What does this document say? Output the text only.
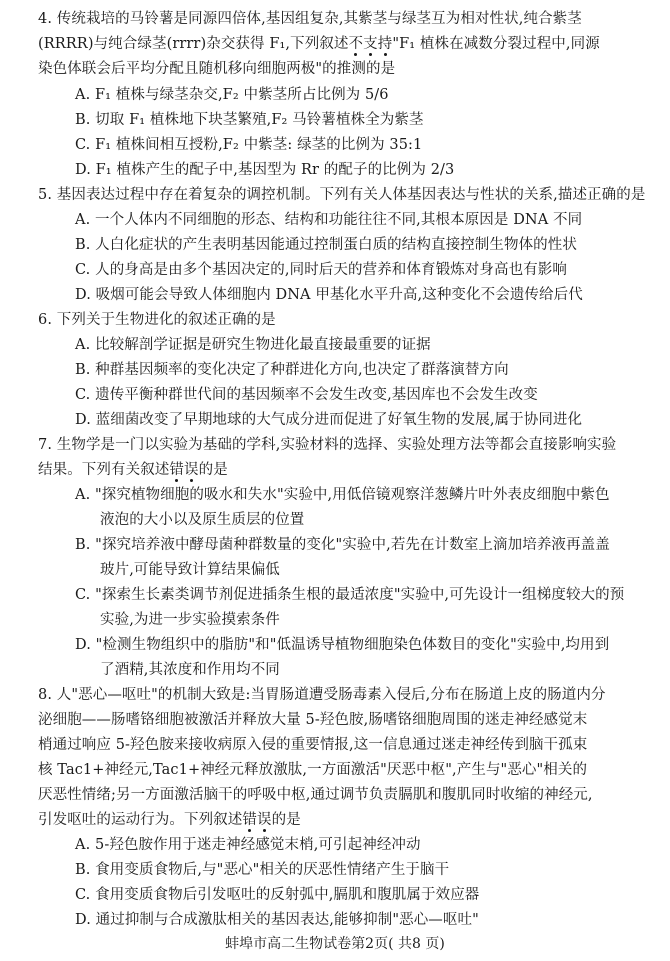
4. 传统栽培的马铃薯是同源四倍体,基因组复杂,其紫茎与绿茎互为相对性状,纯合紫茎
(RRRR)与纯合绿茎(rrrr)杂交获得 F₁,下列叙述不支持"F₁ 植株在减数分裂过程中,同源
染色体联会后平均分配且随机移向细胞两极"的推测的是
A. F₁ 植株与绿茎杂交,F₂ 中紫茎所占比例为 5/6
B. 切取 F₁ 植株地下块茎繁殖,F₂ 马铃薯植株全为紫茎
C. F₁ 植株间相互授粉,F₂ 中紫茎: 绿茎的比例为 35:1
D. F₁ 植株产生的配子中,基因型为 Rr 的配子的比例为 2/3
5. 基因表达过程中存在着复杂的调控机制。下列有关人体基因表达与性状的关系,描述正确的是
A. 一个人体内不同细胞的形态、结构和功能往往不同,其根本原因是 DNA 不同
B. 人白化症状的产生表明基因能通过控制蛋白质的结构直接控制生物体的性状
C. 人的身高是由多个基因决定的,同时后天的营养和体育锻炼对身高也有影响
D. 吸烟可能会导致人体细胞内 DNA 甲基化水平升高,这种变化不会遗传给后代
6. 下列关于生物进化的叙述正确的是
A. 比较解剖学证据是研究生物进化最直接最重要的证据
B. 种群基因频率的变化决定了种群进化方向,也决定了群落演替方向
C. 遗传平衡种群世代间的基因频率不会发生改变,基因库也不会发生改变
D. 蓝细菌改变了早期地球的大气成分进而促进了好氧生物的发展,属于协同进化
7. 生物学是一门以实验为基础的学科,实验材料的选择、实验处理方法等都会直接影响实验
结果。下列有关叙述错误的是
A. "探究植物细胞的吸水和失水"实验中,用低倍镜观察洋葱鳞片叶外表皮细胞中紫色
液泡的大小以及原生质层的位置
B. "探究培养液中酵母菌种群数量的变化"实验中,若先在计数室上滴加培养液再盖盖
玻片,可能导致计算结果偏低
C. "探索生长素类调节剂促进插条生根的最适浓度"实验中,可先设计一组梯度较大的预
实验,为进一步实验摸索条件
D. "检测生物组织中的脂肪"和"低温诱导植物细胞染色体数目的变化"实验中,均用到
了酒精,其浓度和作用均不同
8. 人"恶心—呕吐"的机制大致是:当胃肠道遭受肠毒素入侵后,分布在肠道上皮的肠道内分
泌细胞——肠嗜铬细胞被激活并释放大量 5-羟色胺,肠嗜铬细胞周围的迷走神经感觉末
梢通过响应 5-羟色胺来接收病原入侵的重要情报,这一信息通过迷走神经传到脑干孤束
核 Tac1+神经元,Tac1+神经元释放激肽,一方面激活"厌恶中枢",产生与"恶心"相关的
厌恶性情绪;另一方面激活脑干的呼吸中枢,通过调节负责膈肌和腹肌同时收缩的神经元,
引发呕吐的运动行为。下列叙述错误的是
A. 5-羟色胺作用于迷走神经感觉末梢,可引起神经冲动
B. 食用变质食物后,与"恶心"相关的厌恶性情绪产生于脑干
C. 食用变质食物后引发呕吐的反射弧中,膈肌和腹肌属于效应器
D. 通过抑制与合成激肽相关的基因表达,能够抑制"恶心—呕吐"
蚌埠市高二生物试卷第2页( 共8 页)
